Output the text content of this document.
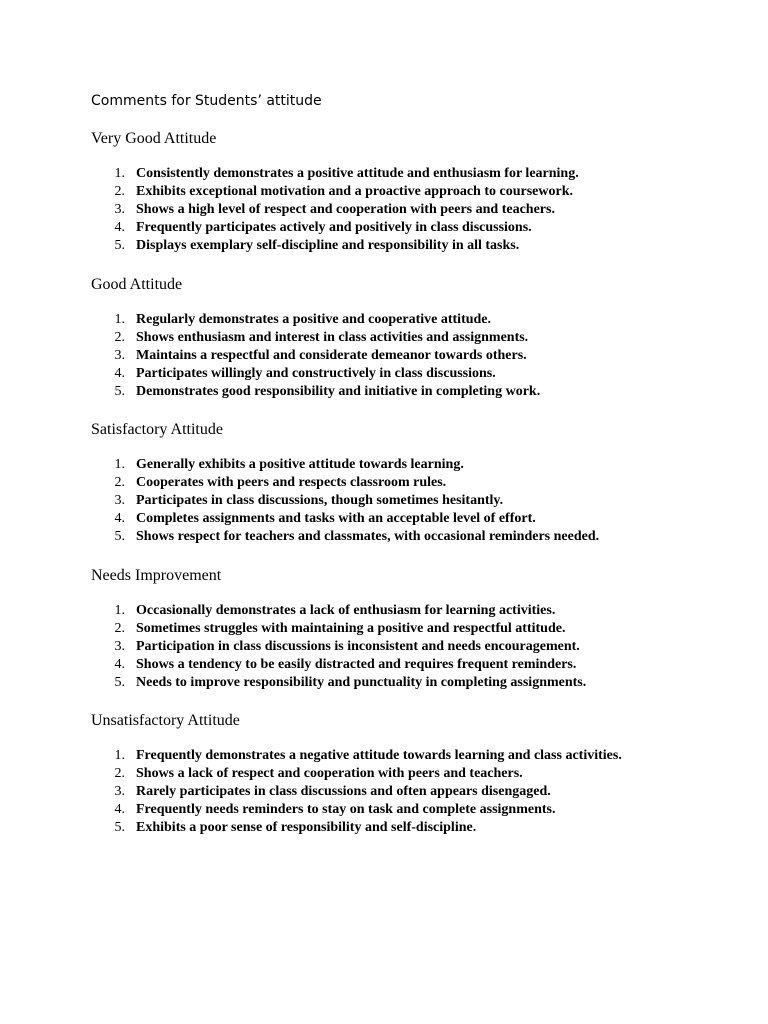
Comments for Students’ attitude

Very Good Attitude
1. Consistently demonstrates a positive attitude and enthusiasm for learning.
2. Exhibits exceptional motivation and a proactive approach to coursework.
3. Shows a high level of respect and cooperation with peers and teachers.
4. Frequently participates actively and positively in class discussions.
5. Displays exemplary self-discipline and responsibility in all tasks.
Good Attitude
1. Regularly demonstrates a positive and cooperative attitude.
2. Shows enthusiasm and interest in class activities and assignments.
3. Maintains a respectful and considerate demeanor towards others.
4. Participates willingly and constructively in class discussions.
5. Demonstrates good responsibility and initiative in completing work.
Satisfactory Attitude
1. Generally exhibits a positive attitude towards learning.
2. Cooperates with peers and respects classroom rules.
3. Participates in class discussions, though sometimes hesitantly.
4. Completes assignments and tasks with an acceptable level of effort.
5. Shows respect for teachers and classmates, with occasional reminders needed.
Needs Improvement
1. Occasionally demonstrates a lack of enthusiasm for learning activities.
2. Sometimes struggles with maintaining a positive and respectful attitude.
3. Participation in class discussions is inconsistent and needs encouragement.
4. Shows a tendency to be easily distracted and requires frequent reminders.
5. Needs to improve responsibility and punctuality in completing assignments.
Unsatisfactory Attitude
1. Frequently demonstrates a negative attitude towards learning and class activities.
2. Shows a lack of respect and cooperation with peers and teachers.
3. Rarely participates in class discussions and often appears disengaged.
4. Frequently needs reminders to stay on task and complete assignments.
5. Exhibits a poor sense of responsibility and self-discipline.
